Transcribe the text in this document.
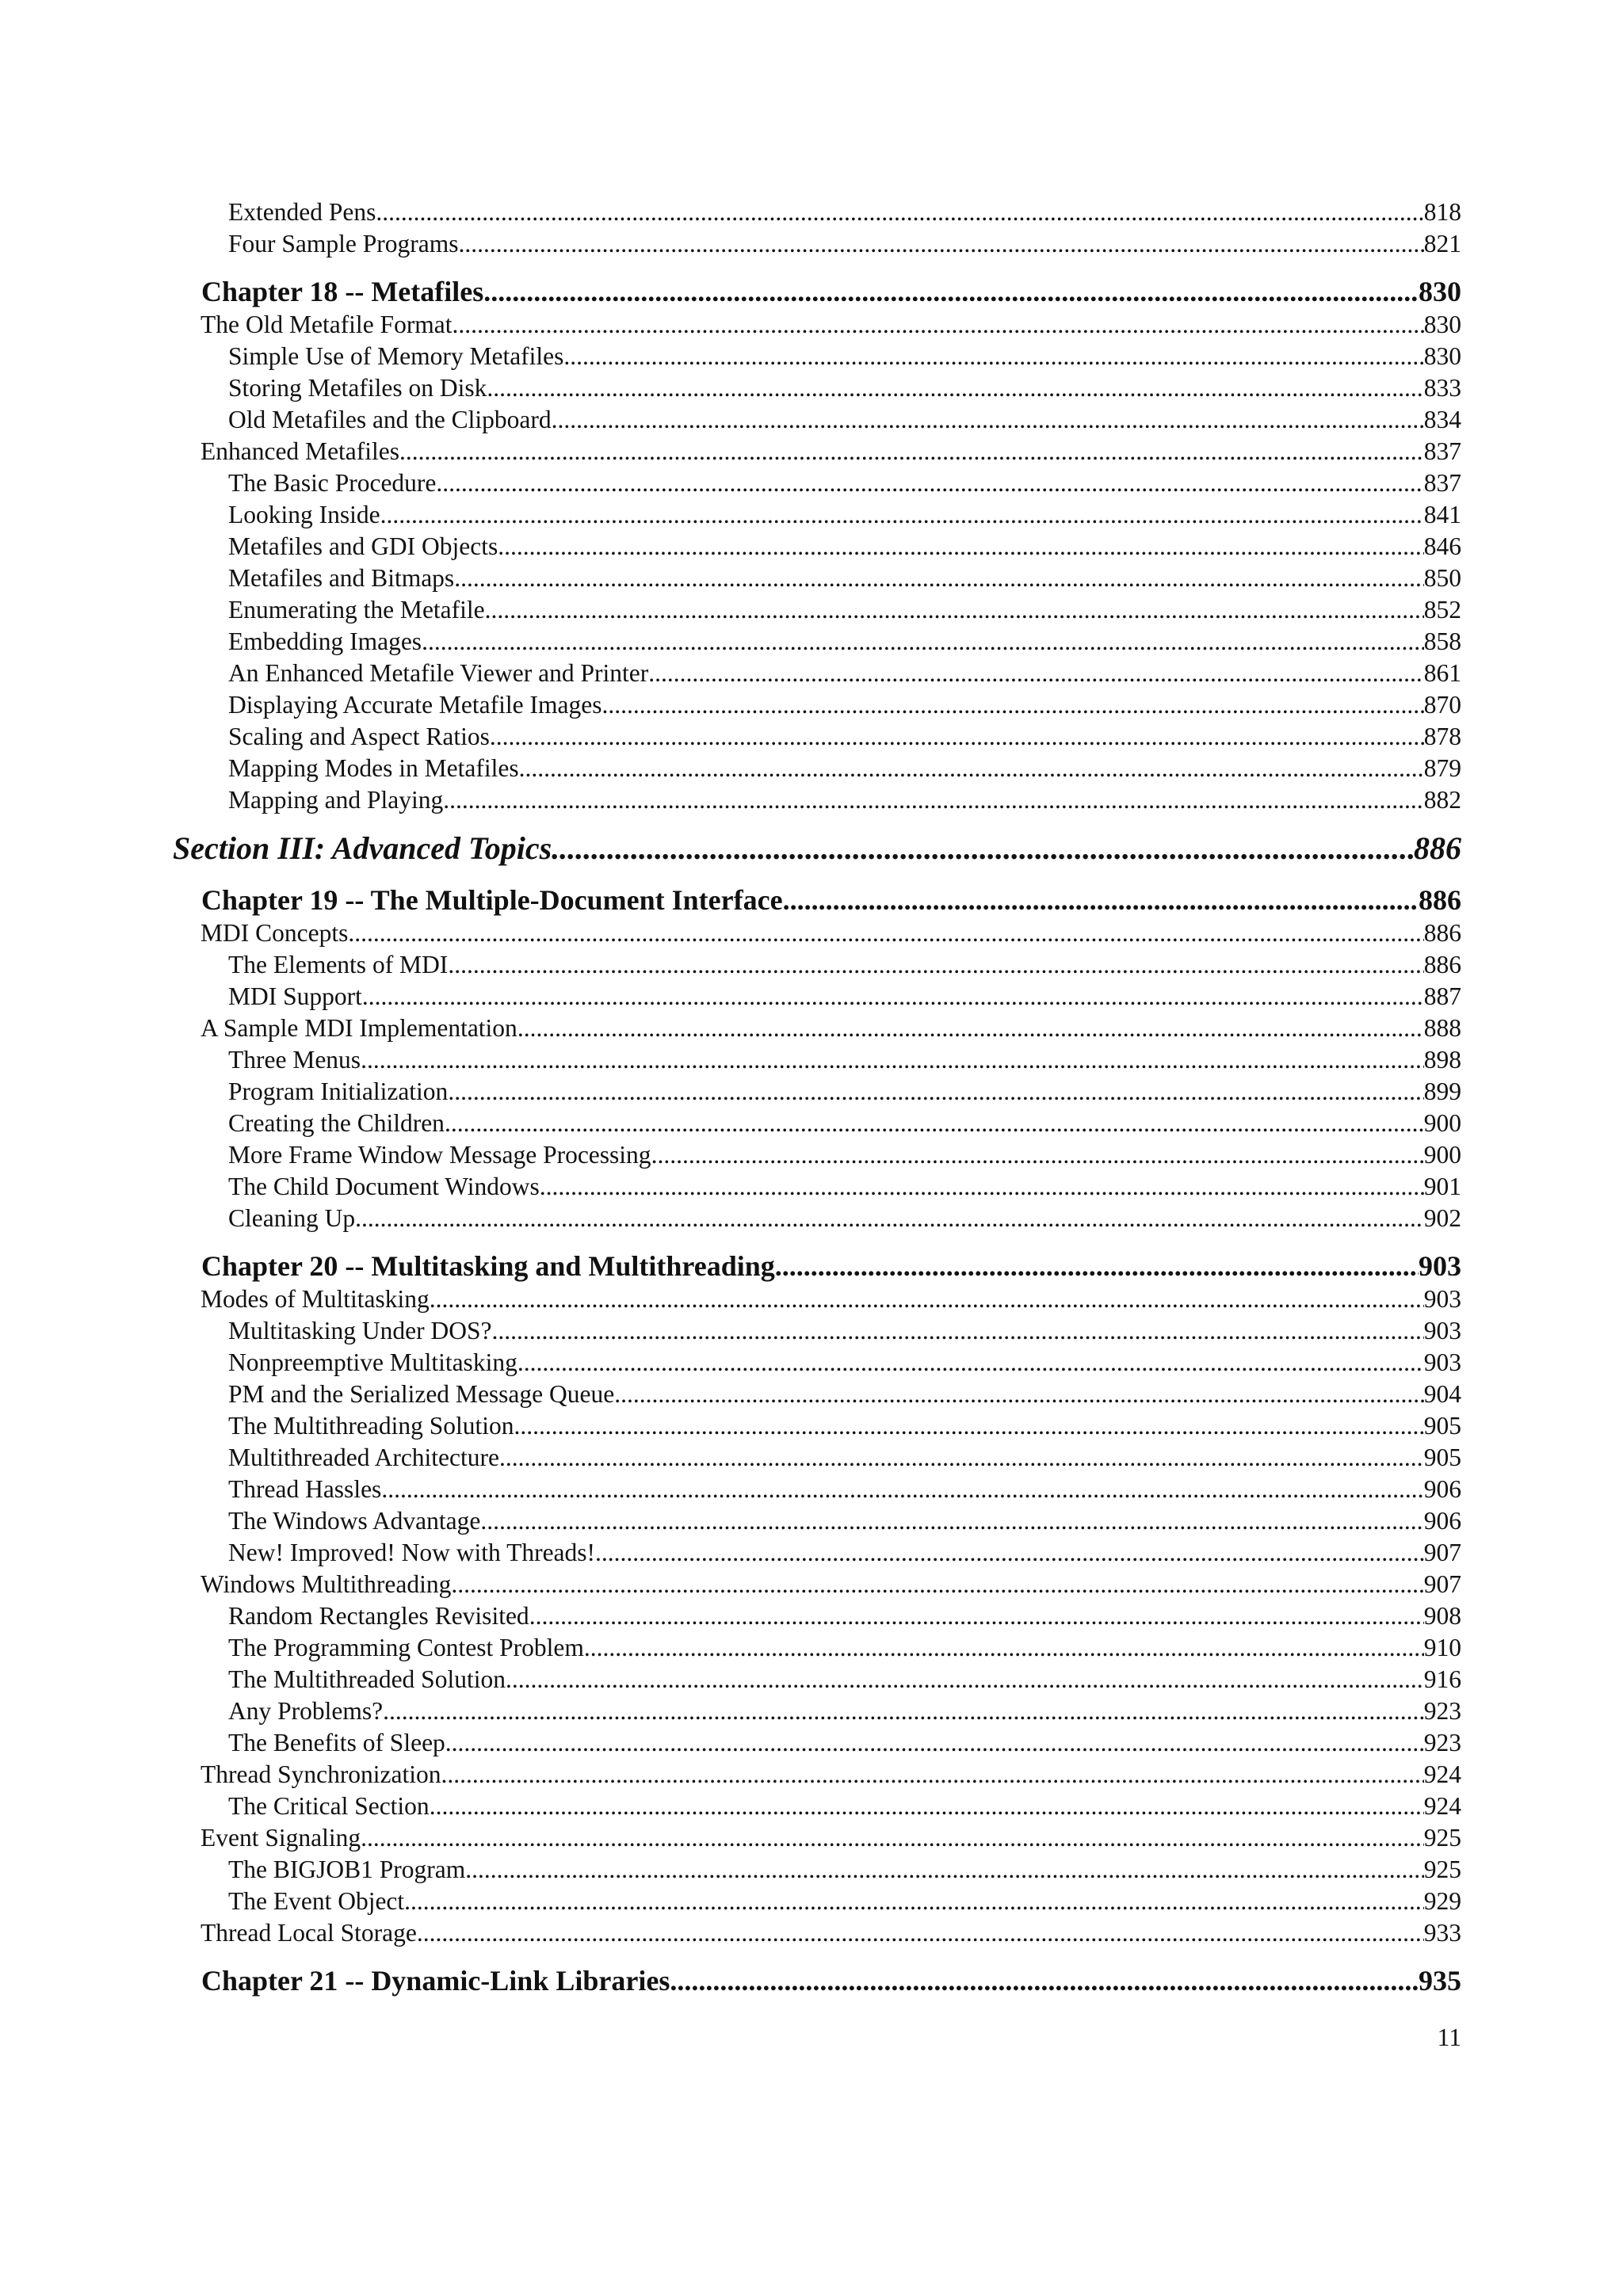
Extended Pens .....	818
Four Sample Programs .....	821
Chapter 18 -- Metafiles .....	830
The Old Metafile Format .....	830
Simple Use of Memory Metafiles .....	830
Storing Metafiles on Disk .....	833
Old Metafiles and the Clipboard .....	834
Enhanced Metafiles .....	837
The Basic Procedure .....	837
Looking Inside .....	841
Metafiles and GDI Objects .....	846
Metafiles and Bitmaps .....	850
Enumerating the Metafile .....	852
Embedding Images .....	858
An Enhanced Metafile Viewer and Printer .....	861
Displaying Accurate Metafile Images .....	870
Scaling and Aspect Ratios .....	878
Mapping Modes in Metafiles .....	879
Mapping and Playing .....	882
Section III: Advanced Topics .....	886
Chapter 19 -- The Multiple-Document Interface .....	886
MDI Concepts .....	886
The Elements of MDI .....	886
MDI Support .....	887
A Sample MDI Implementation .....	888
Three Menus .....	898
Program Initialization .....	899
Creating the Children .....	900
More Frame Window Message Processing .....	900
The Child Document Windows .....	901
Cleaning Up .....	902
Chapter 20 -- Multitasking and Multithreading .....	903
Modes of Multitasking .....	903
Multitasking Under DOS? .....	903
Nonpreemptive Multitasking .....	903
PM and the Serialized Message Queue .....	904
The Multithreading Solution .....	905
Multithreaded Architecture .....	905
Thread Hassles .....	906
The Windows Advantage .....	906
New! Improved! Now with Threads! .....	907
Windows Multithreading .....	907
Random Rectangles Revisited .....	908
The Programming Contest Problem .....	910
The Multithreaded Solution .....	916
Any Problems? .....	923
The Benefits of Sleep .....	923
Thread Synchronization .....	924
The Critical Section .....	924
Event Signaling .....	925
The BIGJOB1 Program .....	925
The Event Object .....	929
Thread Local Storage .....	933
Chapter 21 -- Dynamic-Link Libraries .....	935
11
